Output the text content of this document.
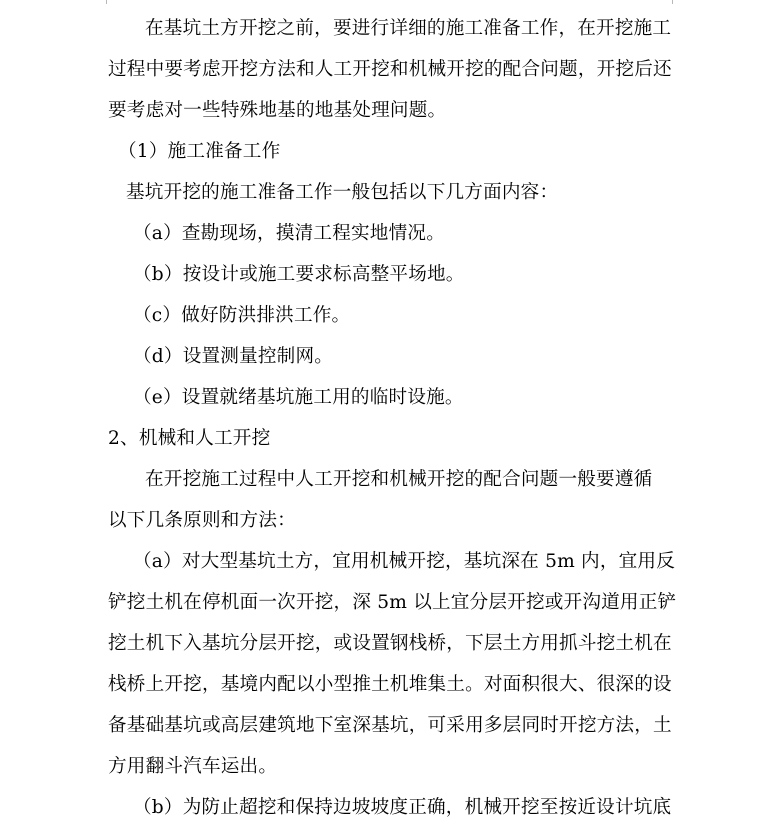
在基坑土方开挖之前，要进行详细的施工准备工作，在开挖施工
过程中要考虑开挖方法和人工开挖和机械开挖的配合问题，开挖后还
要考虑对一些特殊地基的地基处理问题。
（1）施工准备工作
基坑开挖的施工准备工作一般包括以下几方面内容：
（a）查勘现场，摸清工程实地情况。
（b）按设计或施工要求标高整平场地。
（c）做好防洪排洪工作。
（d）设置测量控制网。
（e）设置就绪基坑施工用的临时设施。
2、机械和人工开挖
在开挖施工过程中人工开挖和机械开挖的配合问题一般要遵循
以下几条原则和方法：
（a）对大型基坑土方，宜用机械开挖，基坑深在 5m 内，宜用反
铲挖土机在停机面一次开挖，深 5m 以上宜分层开挖或开沟道用正铲
挖土机下入基坑分层开挖，或设置钢栈桥，下层土方用抓斗挖土机在
栈桥上开挖，基境内配以小型推土机堆集土。对面积很大、很深的设
备基础基坑或高层建筑地下室深基坑，可采用多层同时开挖方法，土
方用翻斗汽车运出。
（b）为防止超挖和保持边坡坡度正确，机械开挖至按近设计坑底
